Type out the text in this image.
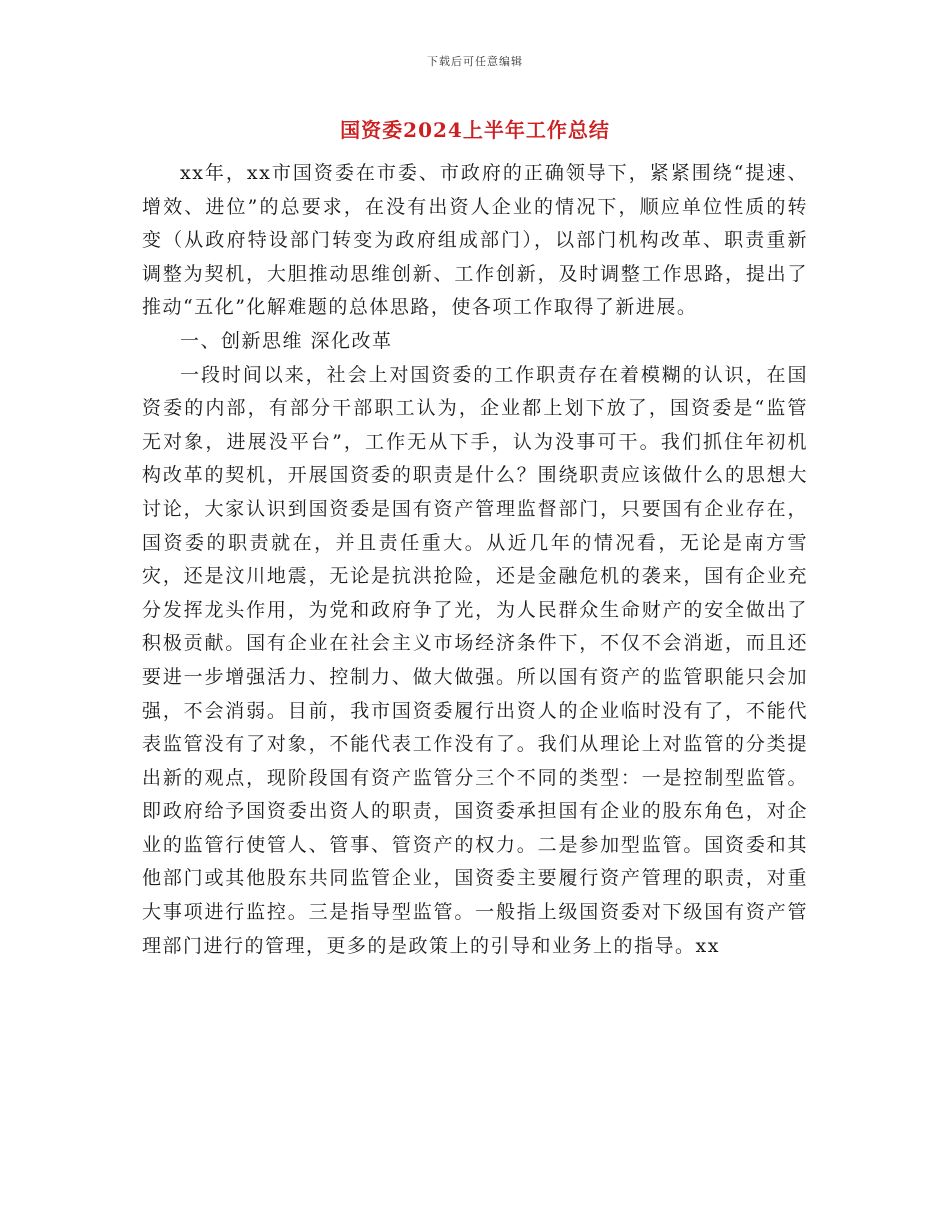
下载后可任意编辑
国资委2024上半年工作总结

xx年，xx市国资委在市委、市政府的正确领导下，紧紧围绕“提速、增效、进位”的总要求，在没有出资人企业的情况下，顺应单位性质的转变（从政府特设部门转变为政府组成部门），以部门机构改革、职责重新调整为契机，大胆推动思维创新、工作创新，及时调整工作思路，提出了推动“五化”化解难题的总体思路，使各项工作取得了新进展。

一、创新思维 深化改革

一段时间以来，社会上对国资委的工作职责存在着模糊的认识，在国资委的内部，有部分干部职工认为，企业都上划下放了，国资委是“监管无对象，进展没平台”，工作无从下手，认为没事可干。我们抓住年初机构改革的契机，开展国资委的职责是什么？围绕职责应该做什么的思想大讨论，大家认识到国资委是国有资产管理监督部门，只要国有企业存在，国资委的职责就在，并且责任重大。从近几年的情况看，无论是南方雪灾，还是汶川地震，无论是抗洪抢险，还是金融危机的袭来，国有企业充分发挥龙头作用，为党和政府争了光，为人民群众生命财产的安全做出了积极贡献。国有企业在社会主义市场经济条件下，不仅不会消逝，而且还要进一步增强活力、控制力、做大做强。所以国有资产的监管职能只会加强，不会消弱。目前，我市国资委履行出资人的企业临时没有了，不能代表监管没有了对象，不能代表工作没有了。我们从理论上对监管的分类提出新的观点，现阶段国有资产监管分三个不同的类型：一是控制型监管。即政府给予国资委出资人的职责，国资委承担国有企业的股东角色，对企业的监管行使管人、管事、管资产的权力。二是参加型监管。国资委和其他部门或其他股东共同监管企业，国资委主要履行资产管理的职责，对重大事项进行监控。三是指导型监管。一般指上级国资委对下级国有资产管理部门进行的管理，更多的是政策上的引导和业务上的指导。xx
